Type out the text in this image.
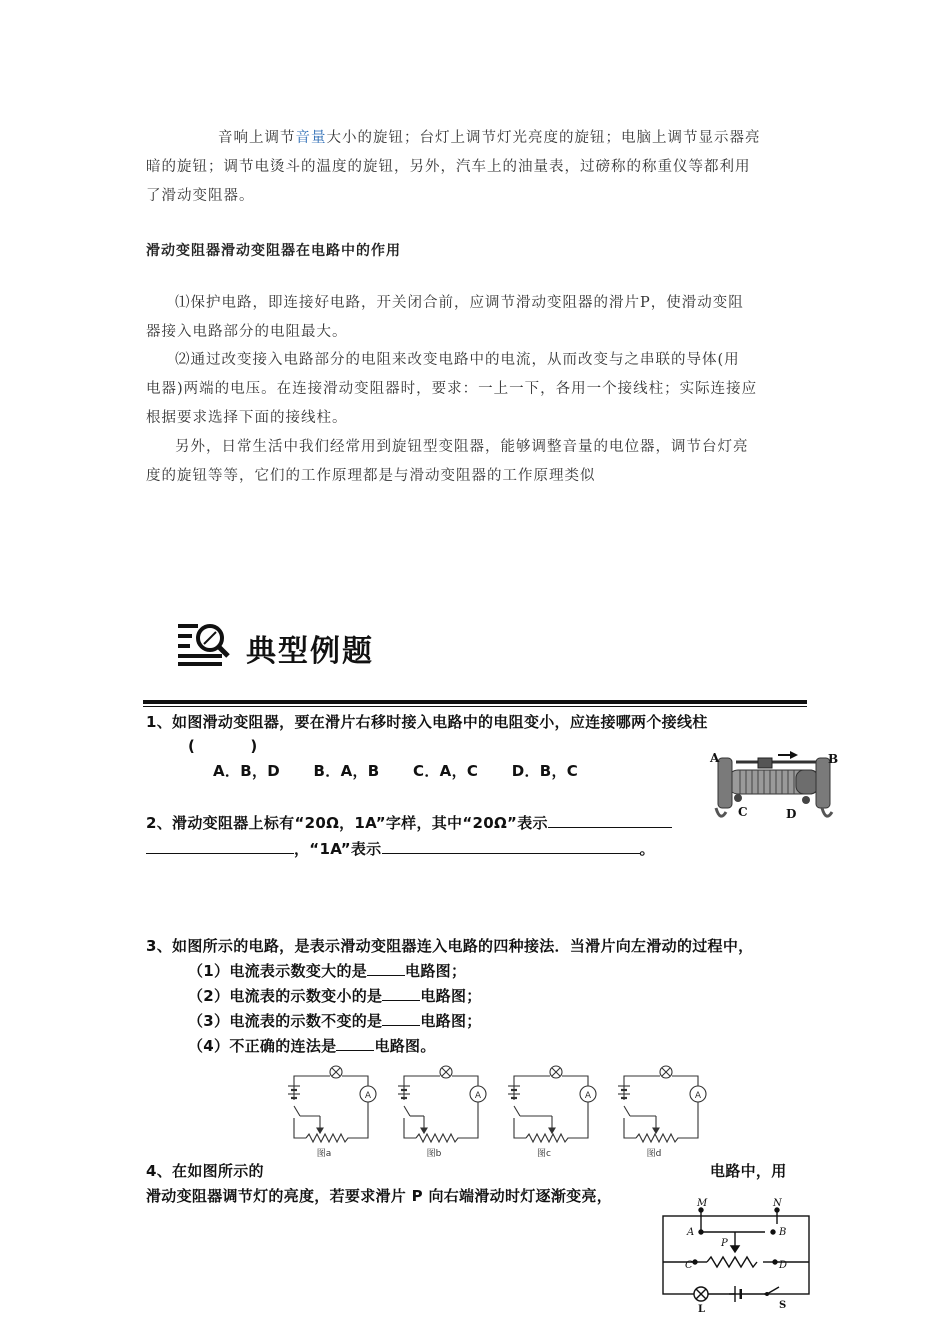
音响上调节音量大小的旋钮；台灯上调节灯光亮度的旋钮；电脑上调节显示器亮
暗的旋钮；调节电烫斗的温度的旋钮，另外，汽车上的油量表，过磅称的称重仪等都利用
了滑动变阻器。
滑动变阻器滑动变阻器在电路中的作用
⑴保护电路，即连接好电路，开关闭合前，应调节滑动变阻器的滑片P，使滑动变阻
器接入电路部分的电阻最大。
⑵通过改变接入电路部分的电阻来改变电路中的电流，从而改变与之串联的导体(用
电器)两端的电压。在连接滑动变阻器时，要求：一上一下，各用一个接线柱；实际连接应
根据要求选择下面的接线柱。
另外，日常生活中我们经常用到旋钮型变阻器，能够调整音量的电位器，调节台灯亮
度的旋钮等等，它们的工作原理都是与滑动变阻器的工作原理类似
典型例题
1、如图滑动变阻器，要在滑片右移时接入电路中的电阻变小，应连接哪两个接线柱
(          )
A．B，D B．A，B C．A，C D．B，C
A	B
C	D
2、滑动变阻器上标有“20Ω，1A”字样，其中“20Ω”表示
，“1A”表示	。
3、如图所示的电路，是表示滑动变阻器连入电路的四种接法．当滑片向左滑动的过程中，
（1）电流表示数变大的是	电路图；
（2）电流表的示数变小的是	电路图；
（3）电流表的示数不变的是	电路图；
（4）不正确的连法是	电路图。
A
图a
A
图b
A
图c
A
图d
4、在如图所示的	电路中，用
滑动变阻器调节灯的亮度，若要求滑片 P 向右端滑动时灯逐渐变亮，	M	N
A	B
P
C	D
L	S
